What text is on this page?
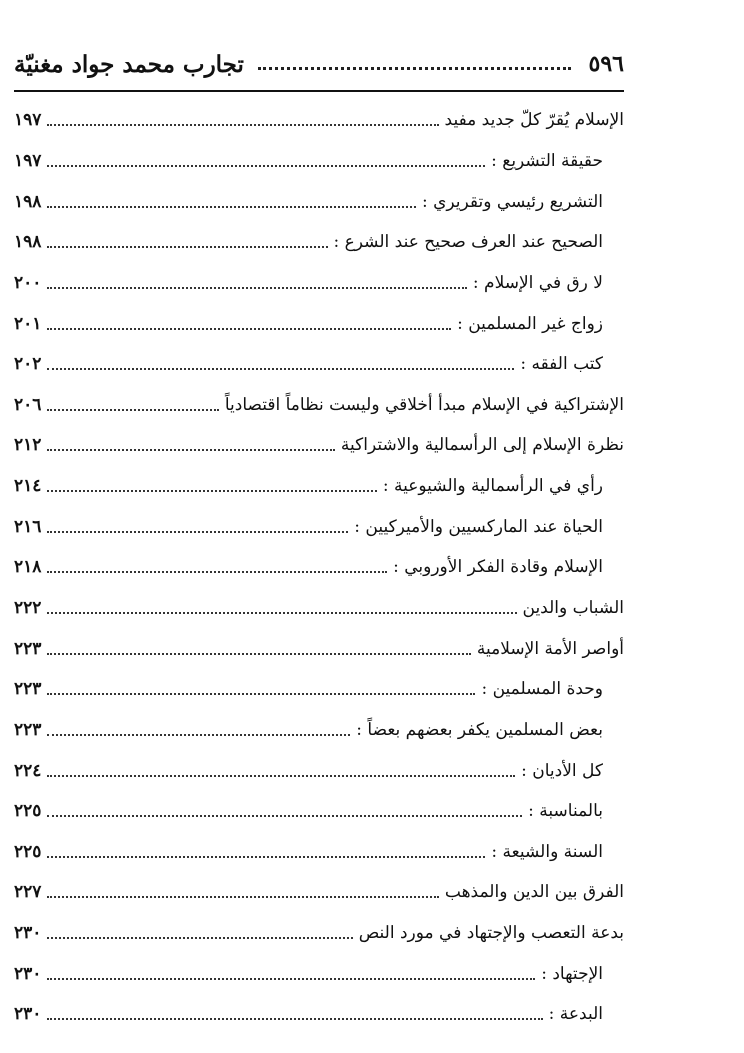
٥٩٦
تجارب محمد جواد مغنيّة
الإسلام يُقرّ كلّ جديد مفيد
١٩٧
حقيقة التشريع :
١٩٧
التشريع رئيسي وتقريري :
١٩٨
الصحيح عند العرف صحيح عند الشرع :
١٩٨
لا رق في الإسلام :
٢٠٠
زواج غير المسلمين :
٢٠١
كتب الفقه :
٢٠٢
الإشتراكية في الإسلام مبدأ أخلاقي وليست نظاماً اقتصادياً
٢٠٦
نظرة الإسلام إلى الرأسمالية والاشتراكية
٢١٢
رأي في الرأسمالية والشيوعية :
٢١٤
الحياة عند الماركسيين والأميركيين :
٢١٦
الإسلام وقادة الفكر الأوروبي :
٢١٨
الشباب والدين
٢٢٢
أواصر الأمة الإسلامية
٢٢٣
وحدة المسلمين :
٢٢٣
بعض المسلمين يكفر بعضهم بعضاً :
٢٢٣
كل الأديان :
٢٢٤
بالمناسبة :
٢٢٥
السنة والشيعة :
٢٢٥
الفرق بين الدين والمذهب
٢٢٧
بدعة التعصب والإجتهاد في مورد النص
٢٣٠
الإجتهاد :
٢٣٠
البدعة :
٢٣٠
